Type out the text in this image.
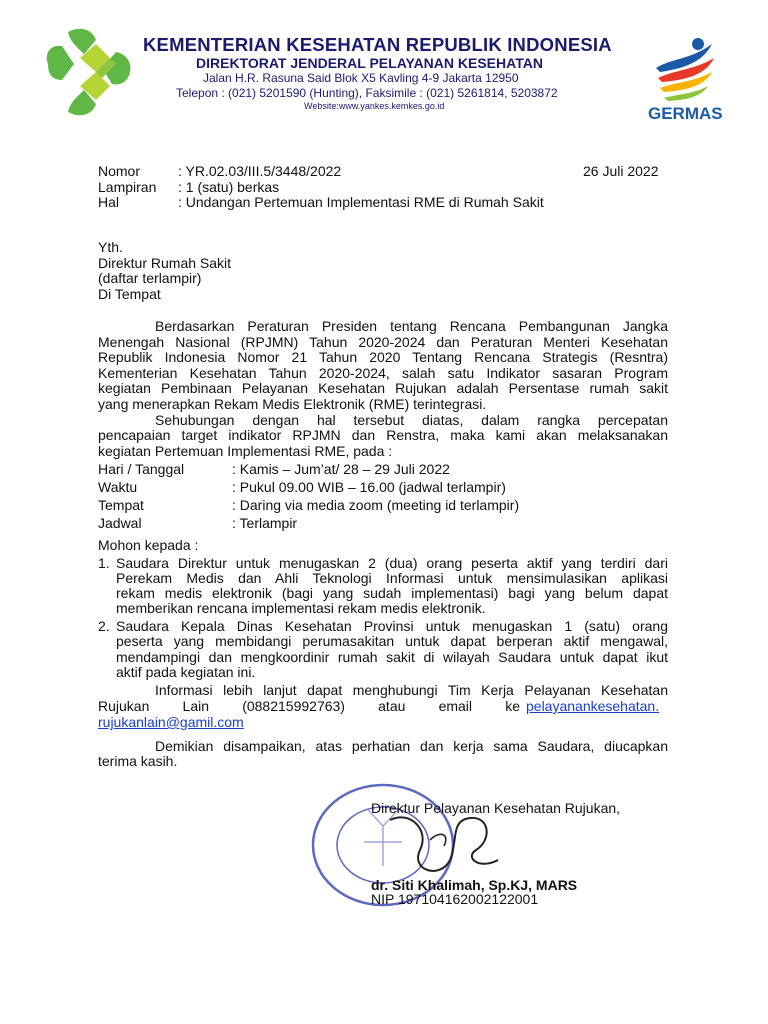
KEMENTERIAN KESEHATAN REPUBLIK INDONESIA
DIREKTORAT JENDERAL PELAYANAN KESEHATAN
Jalan H.R. Rasuna Said Blok X5 Kavling 4-9 Jakarta 12950
Telepon : (021) 5201590 (Hunting), Faksimile : (021) 5261814, 5203872
Website:www.yankes.kemkes.go.id	GERMAS
Nomor	: YR.02.03/III.5/3448/2022	26 Juli 2022
Lampiran : 1 (satu) berkas
Hal	: Undangan Pertemuan Implementasi RME di Rumah Sakit
Yth.
Direktur Rumah Sakit
(daftar terlampir)
Di Tempat
Berdasarkan Peraturan Presiden tentang Rencana Pembangunan Jangka
Menengah Nasional (RPJMN) Tahun 2020-2024 dan Peraturan Menteri Kesehatan
Republik Indonesia Nomor 21 Tahun 2020 Tentang Rencana Strategis (Resntra)
Kementerian Kesehatan Tahun 2020-2024, salah satu Indikator sasaran Program
kegiatan Pembinaan Pelayanan Kesehatan Rujukan adalah Persentase rumah sakit
yang menerapkan Rekam Medis Elektronik (RME) terintegrasi.
Sehubungan dengan hal tersebut diatas, dalam rangka percepatan
pencapaian target indikator RPJMN dan Renstra, maka kami akan melaksanakan
kegiatan Pertemuan Implementasi RME, pada :
Hari / Tanggal	: Kamis – Jum’at/ 28 – 29 Juli 2022
Waktu	: Pukul 09.00 WIB – 16.00 (jadwal terlampir)
Tempat	: Daring via media zoom (meeting id terlampir)
Jadwal	: Terlampir
Mohon kepada :
1. Saudara Direktur untuk menugaskan 2 (dua) orang peserta aktif yang terdiri dari
Perekam Medis dan Ahli Teknologi Informasi untuk mensimulasikan aplikasi
rekam medis elektronik (bagi yang sudah implementasi) bagi yang belum dapat
memberikan rencana implementasi rekam medis elektronik.
2. Saudara Kepala Dinas Kesehatan Provinsi untuk menugaskan 1 (satu) orang
peserta yang membidangi perumasakitan untuk dapat berperan aktif mengawal,
mendampingi dan mengkoordinir rumah sakit di wilayah Saudara untuk dapat ikut
aktif pada kegiatan ini.
Informasi lebih lanjut dapat menghubungi Tim Kerja Pelayanan Kesehatan
Rujukan Lain (088215992763) atau email ke pelayanankesehatan.
rujukanlain@gamil.com
Demikian disampaikan, atas perhatian dan kerja sama Saudara, diucapkan
terima kasih.
Direktur Pelayanan Kesehatan Rujukan,
dr. Siti Khalimah, Sp.KJ, MARS
NIP 197104162002122001
